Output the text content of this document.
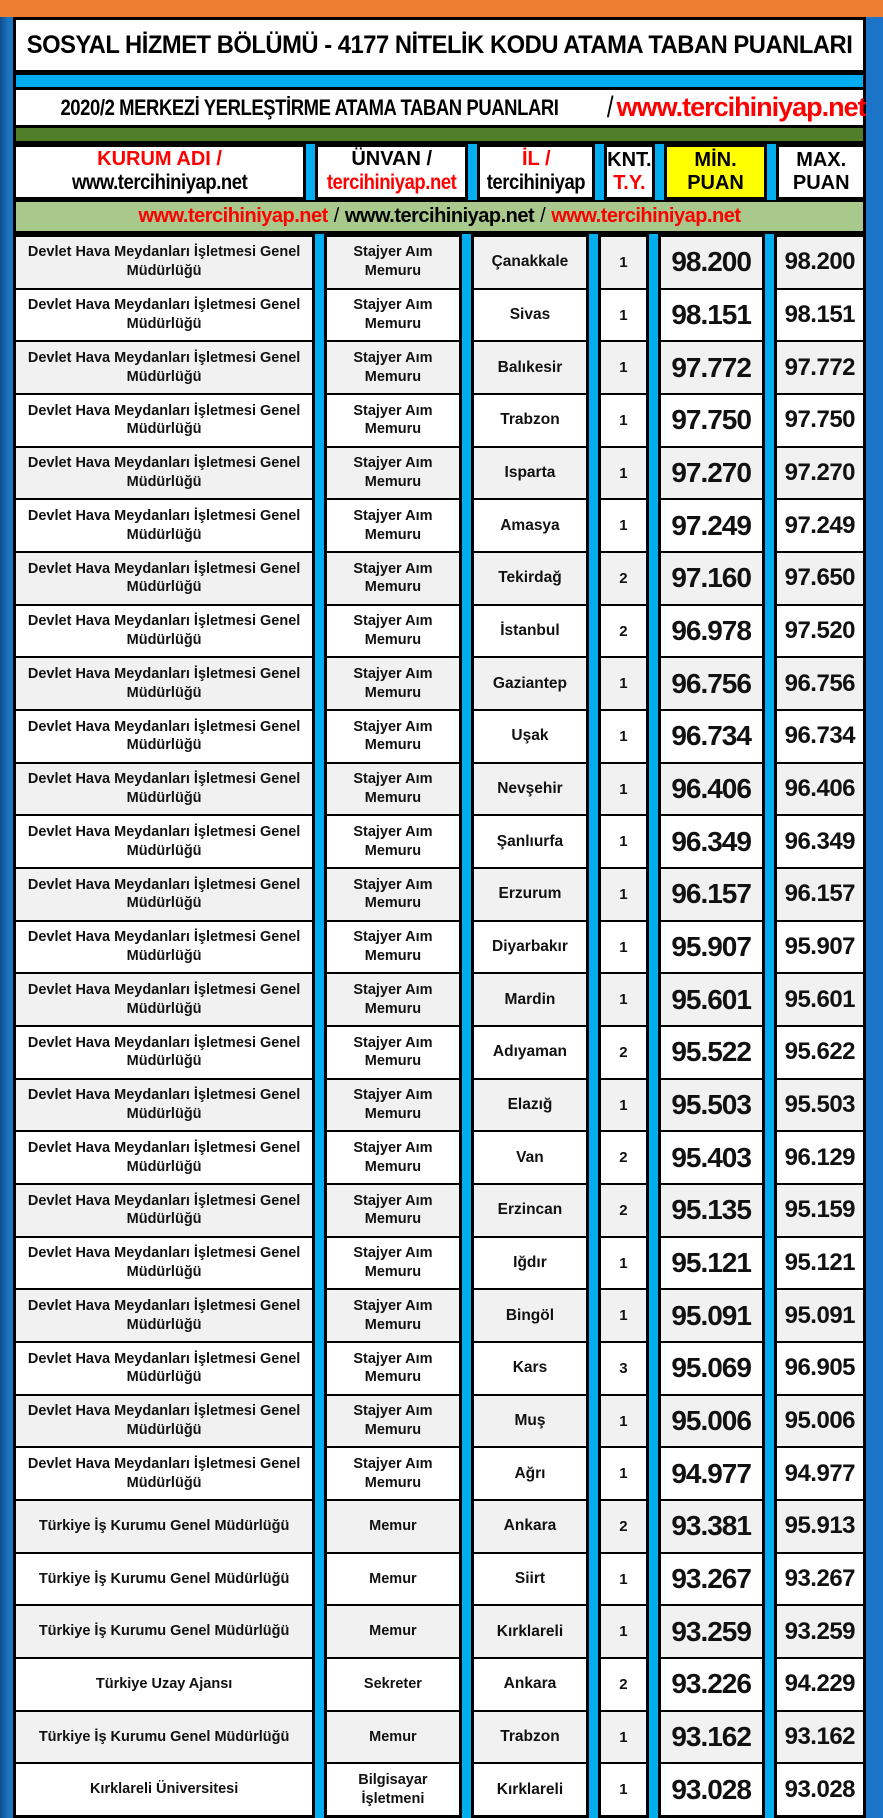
SOSYAL HİZMET BÖLÜMÜ - 4177 NİTELİK KODU ATAMA TABAN PUANLARI
2020/2 MERKEZİ YERLEŞTİRME ATAMA TABAN PUANLARI / www.tercihiniyap.net
KURUM ADI /
www.tercihiniyap.net
ÜNVAN /
tercihiniyap.net
İL /
tercihiniyap
KNT.
T.Y.
MİN.
PUAN
MAX.
PUAN
www.tercihiniyap.net / www.tercihiniyap.net / www.tercihiniyap.net
Devlet Hava Meydanları İşletmesi Genel Müdürlüğü
Devlet Hava Meydanları İşletmesi Genel Müdürlüğü
Devlet Hava Meydanları İşletmesi Genel Müdürlüğü
Devlet Hava Meydanları İşletmesi Genel Müdürlüğü
Devlet Hava Meydanları İşletmesi Genel Müdürlüğü
Devlet Hava Meydanları İşletmesi Genel Müdürlüğü
Devlet Hava Meydanları İşletmesi Genel Müdürlüğü
Devlet Hava Meydanları İşletmesi Genel Müdürlüğü
Devlet Hava Meydanları İşletmesi Genel Müdürlüğü
Devlet Hava Meydanları İşletmesi Genel Müdürlüğü
Devlet Hava Meydanları İşletmesi Genel Müdürlüğü
Devlet Hava Meydanları İşletmesi Genel Müdürlüğü
Devlet Hava Meydanları İşletmesi Genel Müdürlüğü
Devlet Hava Meydanları İşletmesi Genel Müdürlüğü
Devlet Hava Meydanları İşletmesi Genel Müdürlüğü
Devlet Hava Meydanları İşletmesi Genel Müdürlüğü
Devlet Hava Meydanları İşletmesi Genel Müdürlüğü
Devlet Hava Meydanları İşletmesi Genel Müdürlüğü
Devlet Hava Meydanları İşletmesi Genel Müdürlüğü
Devlet Hava Meydanları İşletmesi Genel Müdürlüğü
Devlet Hava Meydanları İşletmesi Genel Müdürlüğü
Devlet Hava Meydanları İşletmesi Genel Müdürlüğü
Devlet Hava Meydanları İşletmesi Genel Müdürlüğü
Devlet Hava Meydanları İşletmesi Genel Müdürlüğü
Türkiye İş Kurumu Genel Müdürlüğü
Türkiye İş Kurumu Genel Müdürlüğü
Türkiye İş Kurumu Genel Müdürlüğü
Türkiye Uzay Ajansı
Türkiye İş Kurumu Genel Müdürlüğü
Kırklareli Üniversitesi
Stajyer Aım Memuru
Stajyer Aım Memuru
Stajyer Aım Memuru
Stajyer Aım Memuru
Stajyer Aım Memuru
Stajyer Aım Memuru
Stajyer Aım Memuru
Stajyer Aım Memuru
Stajyer Aım Memuru
Stajyer Aım Memuru
Stajyer Aım Memuru
Stajyer Aım Memuru
Stajyer Aım Memuru
Stajyer Aım Memuru
Stajyer Aım Memuru
Stajyer Aım Memuru
Stajyer Aım Memuru
Stajyer Aım Memuru
Stajyer Aım Memuru
Stajyer Aım Memuru
Stajyer Aım Memuru
Stajyer Aım Memuru
Stajyer Aım Memuru
Stajyer Aım Memuru
Memur
Memur
Memur
Sekreter
Memur
Bilgisayar İşletmeni
Çanakkale
Sivas
Balıkesir
Trabzon
Isparta
Amasya
Tekirdağ
İstanbul
Gaziantep
Uşak
Nevşehir
Şanlıurfa
Erzurum
Diyarbakır
Mardin
Adıyaman
Elazığ
Van
Erzincan
Iğdır
Bingöl
Kars
Muş
Ağrı
Ankara
Siirt
Kırklareli
Ankara
Trabzon
Kırklareli
1
1
1
1
1
1
2
2
1
1
1
1
1
1
1
2
1
2
2
1
1
3
1
1
2
1
1
2
1
1
98.200
98.151
97.772
97.750
97.270
97.249
97.160
96.978
96.756
96.734
96.406
96.349
96.157
95.907
95.601
95.522
95.503
95.403
95.135
95.121
95.091
95.069
95.006
94.977
93.381
93.267
93.259
93.226
93.162
93.028
98.200
98.151
97.772
97.750
97.270
97.249
97.650
97.520
96.756
96.734
96.406
96.349
96.157
95.907
95.601
95.622
95.503
96.129
95.159
95.121
95.091
96.905
95.006
94.977
95.913
93.267
93.259
94.229
93.162
93.028
